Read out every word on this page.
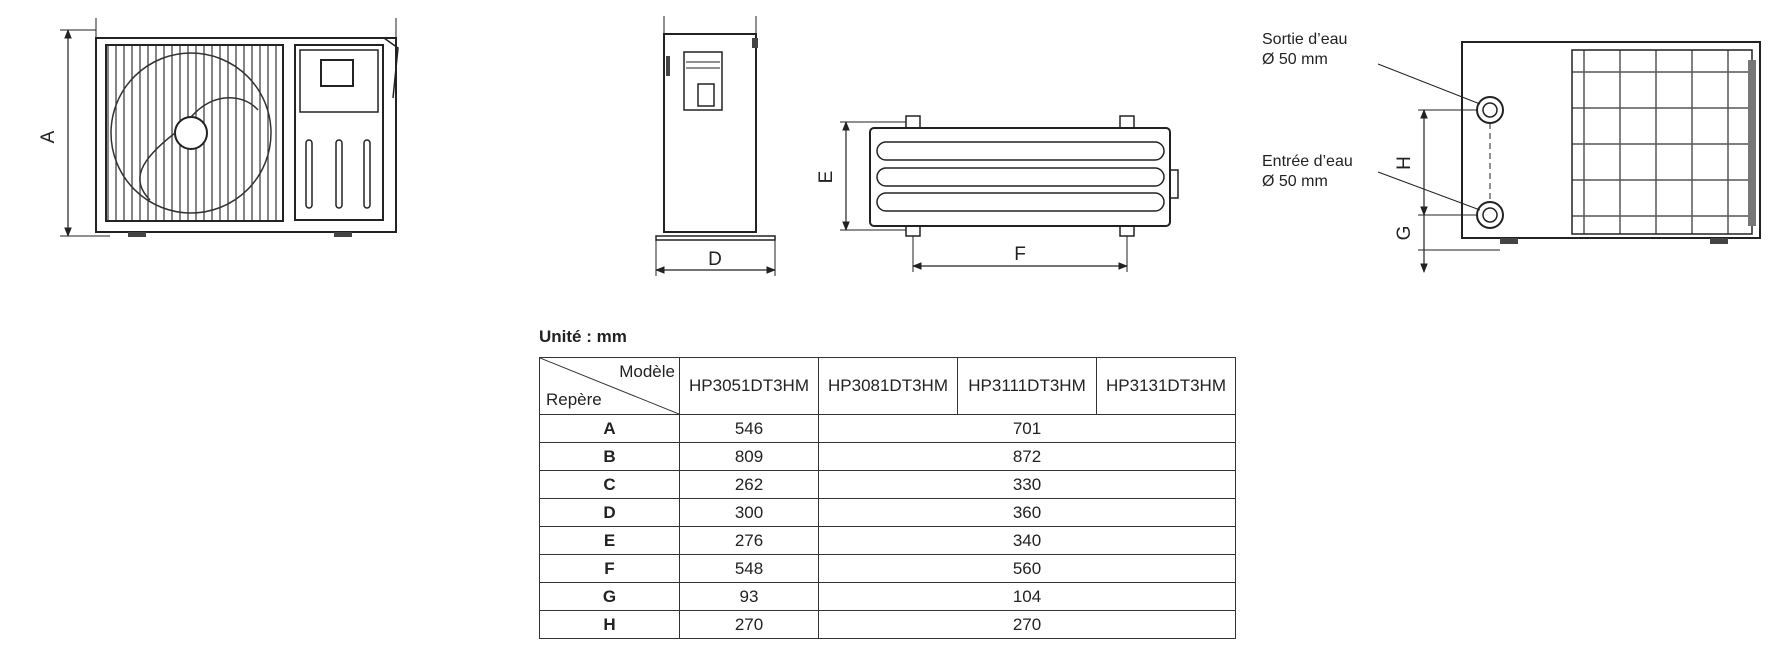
A
D
E
F
H
G
Sortie d’eau
Ø 50 mm
Entrée d’eau
Ø 50 mm
Unité : mm
Modèle
Repère	HP3051DT3HM	HP3081DT3HM	HP3111DT3HM	HP3131DT3HM
A	546	701		
B	809	872		
C	262	330		
D	300	360		
E	276	340		
F	548	560		
G	93	104		
H	270	270		
